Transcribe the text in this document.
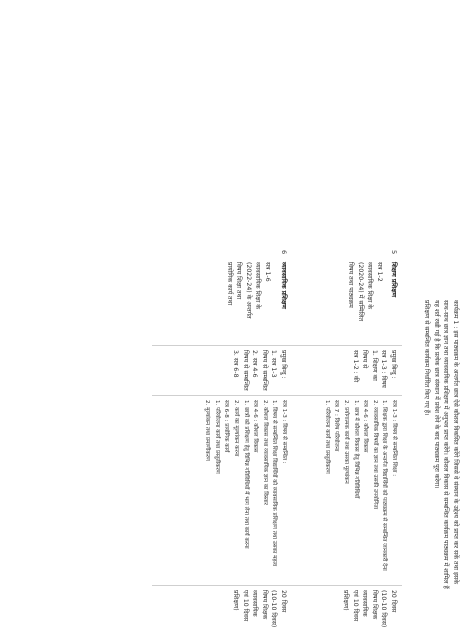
कार्यक्रम 1 : इस पाठ्यक्रम के अन्तर्गत छात्र ऐसे कौशल विकसित करेंगे जिससे वे संस्थान के उद्देश्य को प्राप्त कर सकें तथा इसके
साथ-साथ छात्र ज्ञान तथा व्यावसायिक प्रशिक्षण में अनुभव प्राप्त करेंगे। कौशल विकास से सम्बन्धित कार्यक्रम पाठ्यक्रम में शामिल हैं
यह शर्त रखी गई है कि प्रत्येक छात्र संस्थान में प्रवेश लेने के बाद पाठ्यक्रम पूरा करेगा।
प्रशिक्षण से सम्बन्धित कार्यक्रम निर्धारित किए गए हैं।
5
शिक्षण प्रशिक्षण
सत्र 1-2
व्यावसायिक शिक्षा के
(2020-24) में सम्मिलित
विषय तथा पाठ्यक्रम
प्रमुख बिन्दु :
सत्र 1-3 : विषय
1. शिक्षण का
विषय से
सत्र 1-2 : की
सत्र 1-3 : विषय से सम्बन्धित शिक्षा :
1. शिक्षक द्वारा शिक्षा के अन्तर्गत विद्यार्थियों को पाठ्यक्रम से सम्बन्धित जानकारी देना
2. व्यावसायिक विषयों का ज्ञान तथा उसकी उपयोगिता
सत्र 4-6 : कौशल विकास
1. छात्र में कौशल विकास हेतु विभिन्न गतिविधियाँ
2. प्रयोगात्मक कार्य तथा उसका मूल्यांकन
सत्र 7 : विशेष परियोजना
1. परियोजना कार्य तथा प्रस्तुतीकरण
20 दिवस
(10-10 दिवस)
विषय शिक्षक
व्यावसायिक
एवं 10 दिवस
प्रशिक्षण)
6
व्यावसायिक प्रशिक्षण
सत्र 1-6
व्यावसायिक शिक्षा के
(2022-24) के अन्तर्गत
विषय शिक्षा तथा
प्रायोगिक कार्य तथा
प्रमुख बिन्दु :
1. सत्र 1-3
विषय से सम्बन्धित
2. सत्र 4-6
विषय से सम्बन्धित
3. सत्र 6-8
सत्र 1-3 : विषय से सम्बन्धित :
1. विषय से सम्बन्धित शिक्षा विद्यार्थियों को व्यावसायिक प्रशिक्षण तथा उसका महत्व
2. कौशल विकास तथा व्यावसायिक ज्ञान का विस्तार
सत्र 4-6 : कौशल विकास
1. छात्रों को प्रशिक्षण हेतु विभिन्न गतिविधियों में भाग लेना तथा कार्य करना
2. कार्य का मूल्यांकन करना
सत्र 6-8 : प्रायोगिक कार्य
1. परियोजना कार्य तथा प्रस्तुतीकरण
2. मूल्यांकन तथा प्रमाणीकरण
20 दिवस
(10-10 दिवस)
विषय शिक्षक
व्यावसायिक
एवं 10 दिवस
प्रशिक्षण)
